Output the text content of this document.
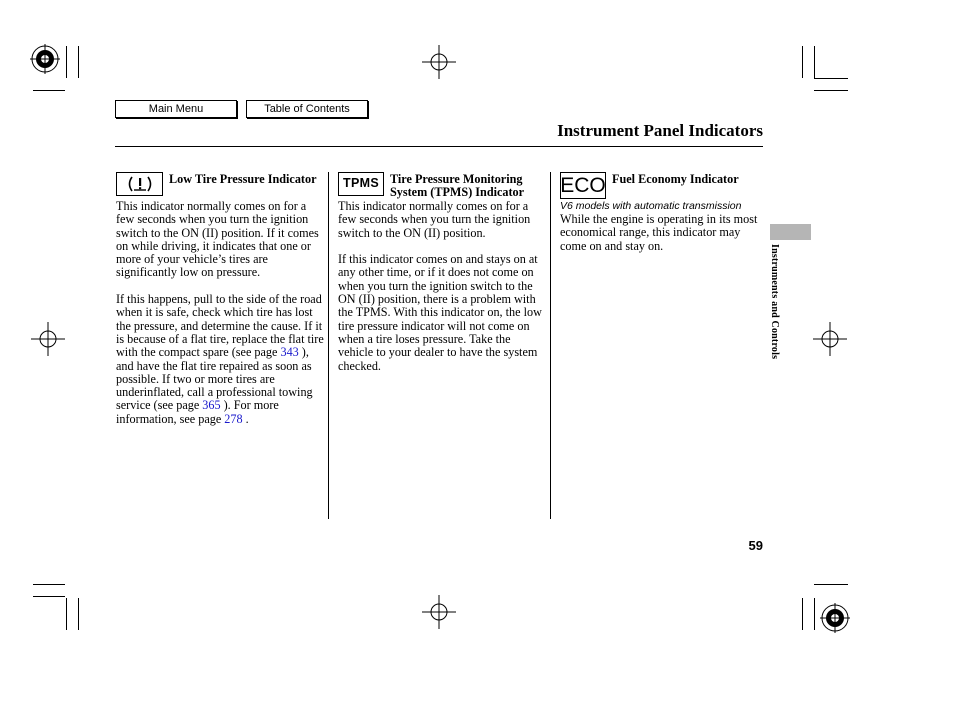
Main Menu	Table of Contents
Instrument Panel Indicators
Low Tire Pressure Indicator

This indicator normally comes on for a few seconds when you turn the ignition switch to the ON (II) position. If it comes on while driving, it indicates that one or more of your vehicle’s tires are significantly low on pressure.

If this happens, pull to the side of the road when it is safe, check which tire has lost the pressure, and determine the cause. If it is because of a flat tire, replace the flat tire with the compact spare (see page 343 ), and have the flat tire repaired as soon as possible. If two or more tires are underinflated, call a professional towing service (see page 365 ). For more information, see page 278 .

TPMS Tire Pressure Monitoring System (TPMS) Indicator

This indicator normally comes on for a few seconds when you turn the ignition switch to the ON (II) position.

If this indicator comes on and stays on at any other time, or if it does not come on when you turn the ignition switch to the ON (II) position, there is a problem with the TPMS. With this indicator on, the low tire pressure indicator will not come on when a tire loses pressure. Take the vehicle to your dealer to have the system checked.

ECO Fuel Economy Indicator
V6 models with automatic transmission

While the engine is operating in its most economical range, this indicator may come on and stay on.	Instruments and Controls
59
